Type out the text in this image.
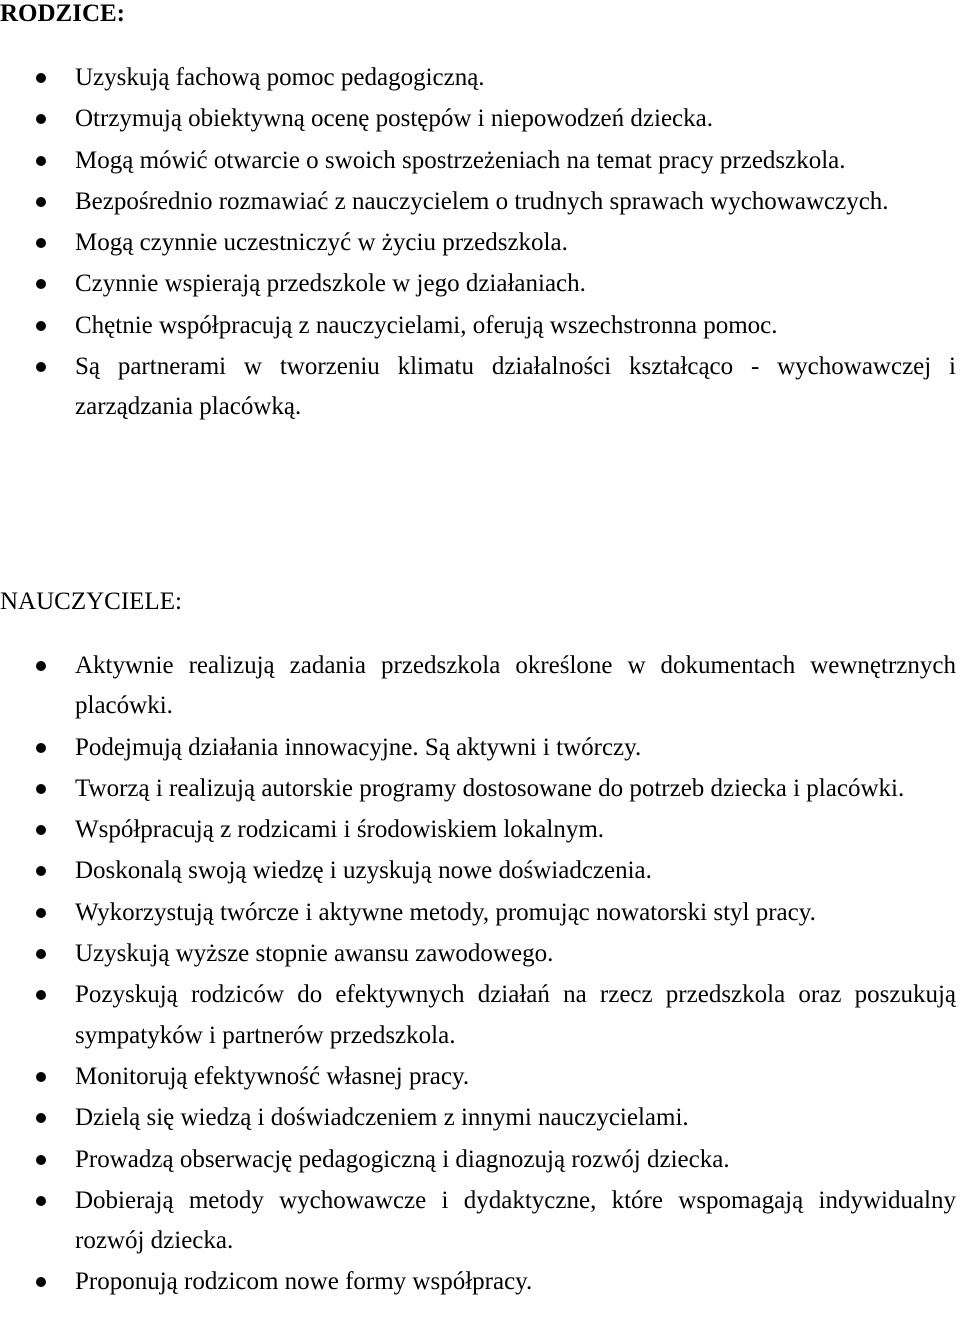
RODZICE:
Uzyskują fachową pomoc pedagogiczną.
Otrzymują obiektywną ocenę postępów i niepowodzeń dziecka.
Mogą mówić otwarcie o swoich spostrzeżeniach na temat pracy przedszkola.
Bezpośrednio rozmawiać z nauczycielem o trudnych sprawach wychowawczych.
Mogą czynnie uczestniczyć w życiu przedszkola.
Czynnie wspierają przedszkole w jego działaniach.
Chętnie współpracują z nauczycielami, oferują wszechstronna pomoc.
Są partnerami w tworzeniu klimatu działalności kształcąco - wychowawczej i zarządzania placówką.
NAUCZYCIELE:
Aktywnie realizują zadania przedszkola określone w dokumentach wewnętrznych placówki.
Podejmują działania innowacyjne. Są aktywni i twórczy.
Tworzą i realizują autorskie programy dostosowane do potrzeb dziecka i placówki.
Współpracują z rodzicami i środowiskiem lokalnym.
Doskonalą swoją wiedzę i uzyskują nowe doświadczenia.
Wykorzystują twórcze i aktywne metody, promując nowatorski styl pracy.
Uzyskują wyższe stopnie awansu zawodowego.
Pozyskują rodziców do efektywnych działań na rzecz przedszkola oraz poszukują sympatyków i partnerów przedszkola.
Monitorują efektywność własnej pracy.
Dzielą się wiedzą i doświadczeniem z innymi nauczycielami.
Prowadzą obserwację pedagogiczną i diagnozują rozwój dziecka.
Dobierają metody wychowawcze i dydaktyczne, które wspomagają indywidualny rozwój dziecka.
Proponują rodzicom nowe formy współpracy.
